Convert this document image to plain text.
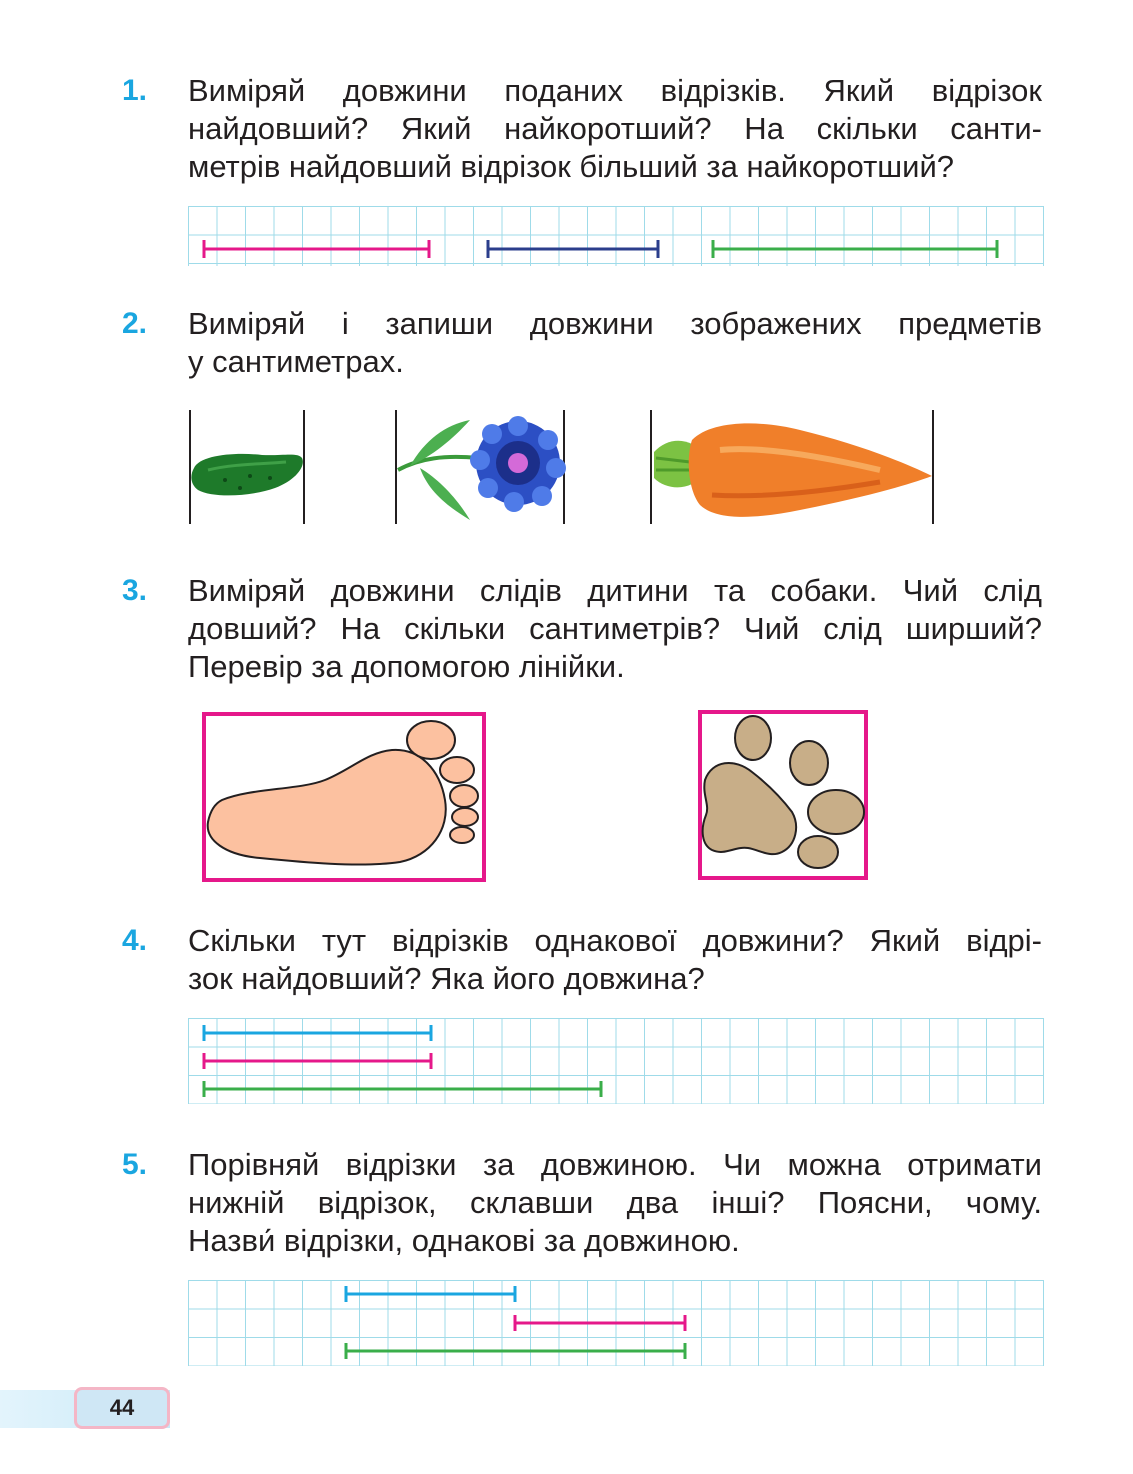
1. Виміряй довжини поданих відрізків. Який відрізок
найдовший? Який найкоротший? На скільки санти-
метрів найдовший відрізок більший за найкоротший?
2. Виміряй і запиши довжини зображених предметів
у сантиметрах.
3. Виміряй довжини слідів дитини та собаки. Чий слід
довший? На скільки сантиметрів? Чий слід ширший?
Перевір за допомогою лінійки.
4. Скільки тут відрізків однакової довжини? Який відрі-
зок найдовший? Яка його довжина?
5. Порівняй відрізки за довжиною. Чи можна отримати
нижній відрізок, склавши два інші? Поясни, чому.
Назви́ відрізки, однакові за довжиною.
44
